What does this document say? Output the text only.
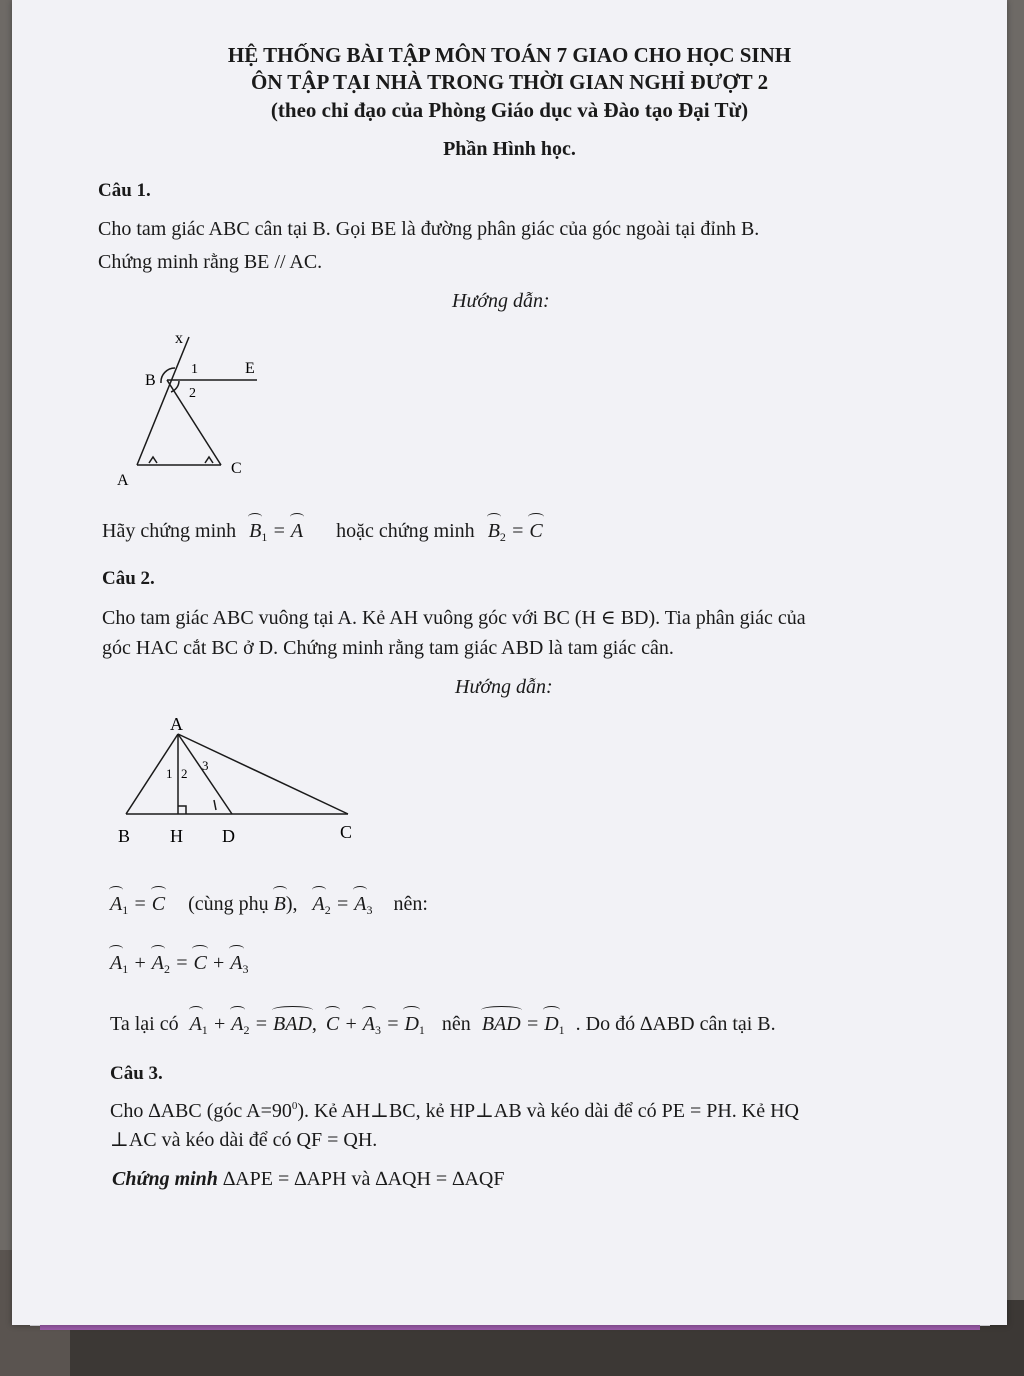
HỆ THỐNG BÀI TẬP MÔN TOÁN 7 GIAO CHO HỌC SINH
ÔN TẬP TẠI NHÀ TRONG THỜI GIAN NGHỈ ĐƯỢT 2
(theo chỉ đạo của Phòng Giáo dục và Đào tạo Đại Từ)
Phần Hình học.
Câu 1.
Cho tam giác ABC cân tại B. Gọi BE là đường phân giác của góc ngoài tại đỉnh B.
Chứng minh rằng BE // AC.
Hướng dẫn:
x
B
E
1
2
A
C
Hãy chứng minh $B_1 = A$ hoặc chứng minh $B_2 = C$
Câu 2.
Cho tam giác ABC vuông tại A. Kẻ AH vuông góc với BC (H ∈ BD). Tia phân giác của
góc HAC cắt BC ở D. Chứng minh rằng tam giác ABD là tam giác cân.
Hướng dẫn:
A
1 2
3
B H D	C
$A_1 = C$ (cùng phụ B), $A_2 = A_3$ nên:
$A_1 + A_2 = C + A_3$
Ta lại có $A_1 + A_2$ = BAD, $C + A_3 = D_1$ nên BAD = $D_1$ . Do đó ∆ABD cân tại B.
Câu 3.
Cho ∆ABC (góc $A=90^0$). Kẻ AH⊥BC, kẻ HP⊥AB và kéo dài để có PE = PH. Kẻ HQ
⊥AC và kéo dài để có QF = QH.
Chứng minh ∆APE = ∆APH và ∆AQH = ∆AQF
